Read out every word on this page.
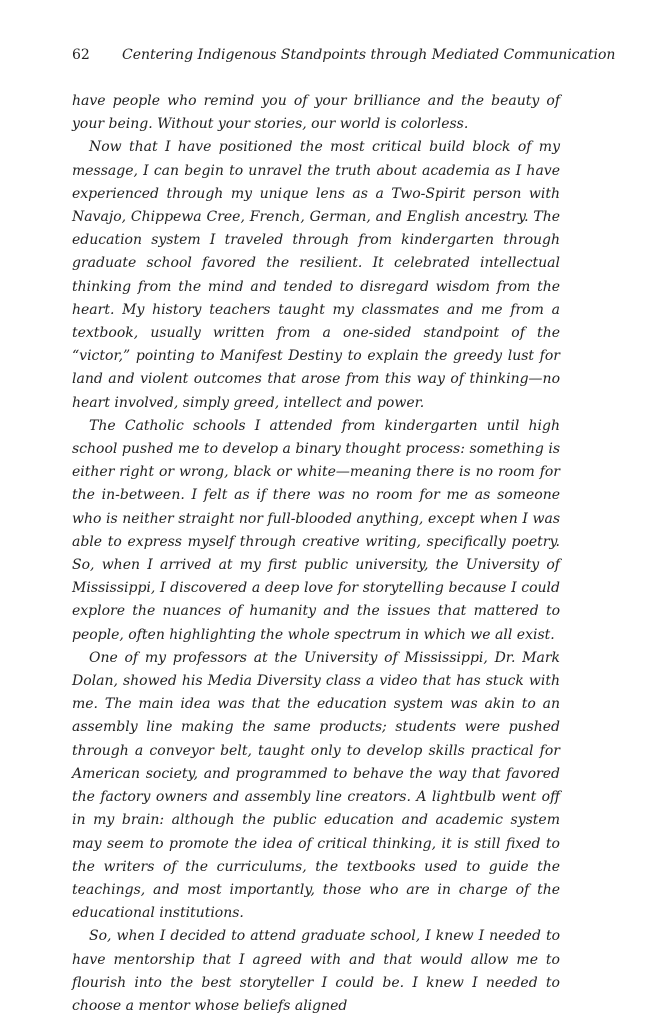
62 Centering Indigenous Standpoints through Mediated Communication

have people who remind you of your brilliance and the beauty of your being. Without your stories, our world is colorless.

Now that I have positioned the most critical build block of my message, I can begin to unravel the truth about academia as I have experienced through my unique lens as a Two-Spirit person with Navajo, Chippewa Cree, French, German, and English ancestry. The education system I traveled through from kindergarten through graduate school favored the resilient. It celebrated intellectual thinking from the mind and tended to disregard wisdom from the heart. My history teachers taught my classmates and me from a textbook, usually written from a one-sided standpoint of the “victor,” pointing to Manifest Destiny to explain the greedy lust for land and violent outcomes that arose from this way of thinking—no heart involved, simply greed, intellect and power.

The Catholic schools I attended from kindergarten until high school pushed me to develop a binary thought process: something is either right or wrong, black or white—meaning there is no room for the in-between. I felt as if there was no room for me as someone who is neither straight nor full-blooded anything, except when I was able to express myself through creative writing, specifically poetry. So, when I arrived at my first public university, the University of Mississippi, I discovered a deep love for storytelling because I could explore the nuances of humanity and the issues that mattered to people, often highlighting the whole spectrum in which we all exist.

One of my professors at the University of Mississippi, Dr. Mark Dolan, showed his Media Diversity class a video that has stuck with me. The main idea was that the education system was akin to an assembly line making the same products; students were pushed through a conveyor belt, taught only to develop skills practical for American society, and programmed to behave the way that favored the factory owners and assembly line creators. A lightbulb went off in my brain: although the public education and academic system may seem to promote the idea of critical thinking, it is still fixed to the writers of the curriculums, the textbooks used to guide the teachings, and most importantly, those who are in charge of the educational institutions.

So, when I decided to attend graduate school, I knew I needed to have mentorship that I agreed with and that would allow me to flourish into the best storyteller I could be. I knew I needed to choose a mentor whose beliefs aligned
